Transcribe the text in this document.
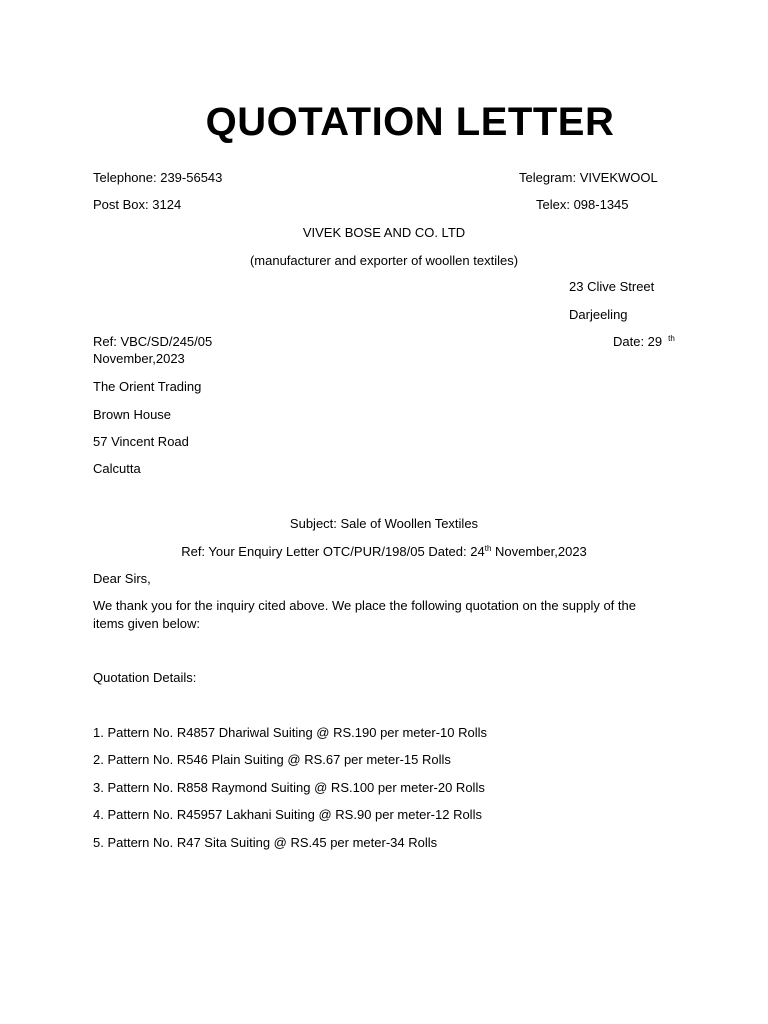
QUOTATION LETTER
Telephone: 239-56543	Telegram: VIVEKWOOL
Post Box: 3124	Telex: 098-1345
VIVEK BOSE AND CO. LTD
(manufacturer and exporter of woollen textiles)
23 Clive Street
Darjeeling
Ref: VBC/SD/245/05	Date: 29 $^{th}$
November,2023
The Orient Trading
Brown House
57 Vincent Road
Calcutta
Subject: Sale of Woollen Textiles
Ref: Your Enquiry Letter OTC/PUR/198/05 Dated: 24th November,2023
Dear Sirs,
We thank you for the inquiry cited above. We place the following quotation on the supply of the items given below:
Quotation Details:
1. Pattern No. R4857 Dhariwal Suiting @ RS.190 per meter-10 Rolls
2. Pattern No. R546 Plain Suiting @ RS.67 per meter-15 Rolls
3. Pattern No. R858 Raymond Suiting @ RS.100 per meter-20 Rolls
4. Pattern No. R45957 Lakhani Suiting @ RS.90 per meter-12 Rolls
5. Pattern No. R47 Sita Suiting @ RS.45 per meter-34 Rolls
